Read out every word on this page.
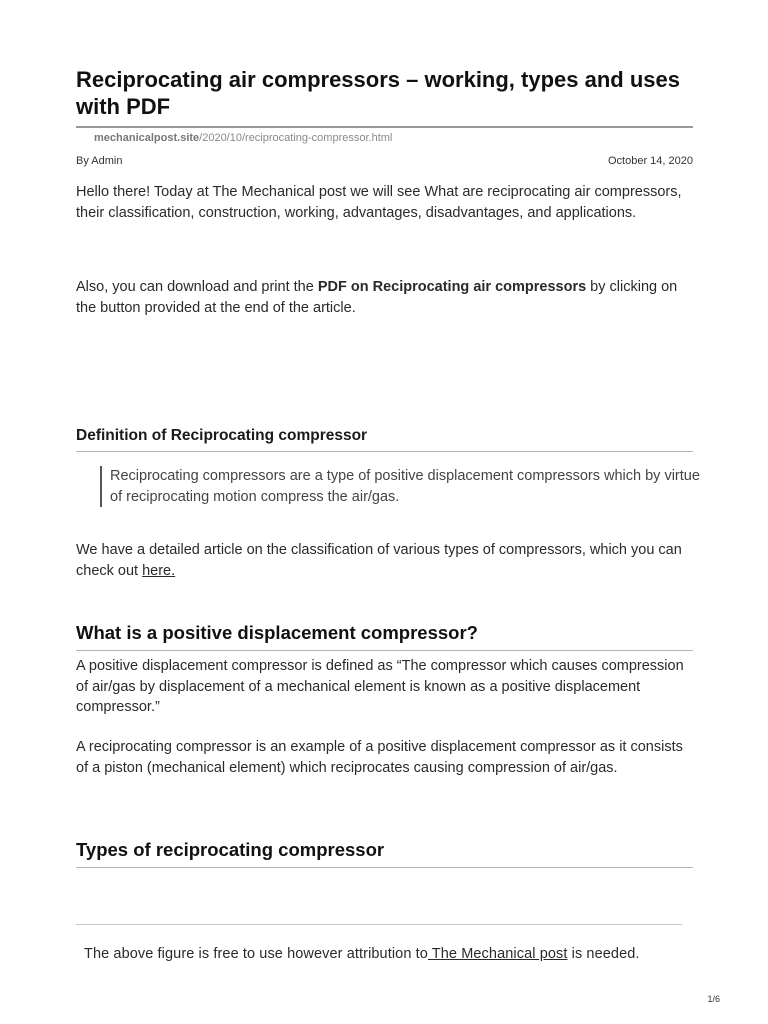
Reciprocating air compressors – working, types and uses with PDF
mechanicalpost.site/2020/10/reciprocating-compressor.html
By Admin	October 14, 2020

Hello there! Today at The Mechanical post we will see What are reciprocating air compressors, their classification, construction, working, advantages, disadvantages, and applications.

Also, you can download and print the PDF on Reciprocating air compressors by clicking on the button provided at the end of the article.

Definition of Reciprocating compressor
Reciprocating compressors are a type of positive displacement compressors which by virtue of reciprocating motion compress the air/gas.

We have a detailed article on the classification of various types of compressors, which you can check out here.

What is a positive displacement compressor?

A positive displacement compressor is defined as “The compressor which causes compression of air/gas by displacement of a mechanical element is known as a positive displacement compressor.”

A reciprocating compressor is an example of a positive displacement compressor as it consists of a piston (mechanical element) which reciprocates causing compression of air/gas.

Types of reciprocating compressor
The above figure is free to use however attribution to The Mechanical post is needed.
1/6
